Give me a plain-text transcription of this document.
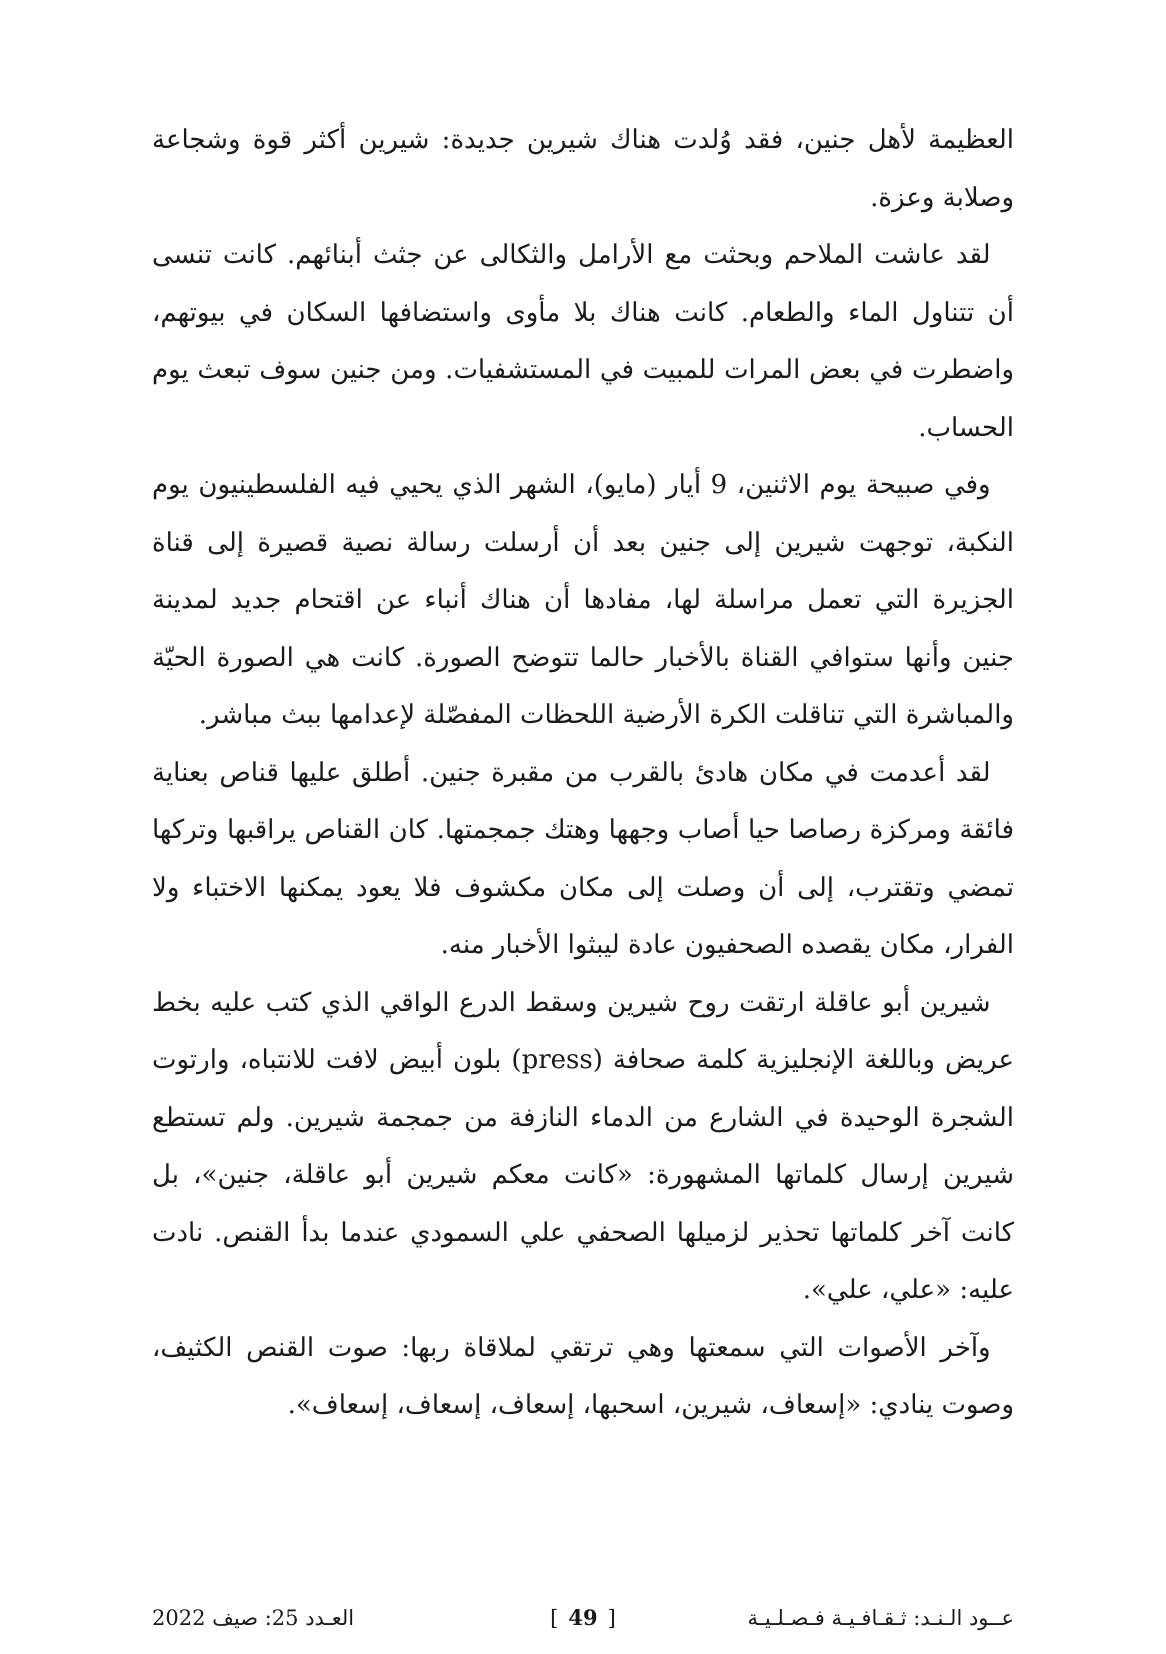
العظيمة لأهل جنين، فقد وُلدت هناك شيرين جديدة: شيرين أكثر قوة وشجاعة وصلابة وعزة.

لقد عاشت الملاحم وبحثت مع الأرامل والثكالى عن جثث أبنائهم. كانت تنسى أن تتناول الماء والطعام. كانت هناك بلا مأوى واستضافها السكان في بيوتهم، واضطرت في بعض المرات للمبيت في المستشفيات. ومن جنين سوف تبعث يوم الحساب.

وفي صبيحة يوم الاثنين، 9 أيار (مايو)، الشهر الذي يحيي فيه الفلسطينيون يوم النكبة، توجهت شيرين إلى جنين بعد أن أرسلت رسالة نصية قصيرة إلى قناة الجزيرة التي تعمل مراسلة لها، مفادها أن هناك أنباء عن اقتحام جديد لمدينة جنين وأنها ستوافي القناة بالأخبار حالما تتوضح الصورة. كانت هي الصورة الحيّة والمباشرة التي تناقلت الكرة الأرضية اللحظات المفصّلة لإعدامها ببث مباشر.

لقد أعدمت في مكان هادئ بالقرب من مقبرة جنين. أطلق عليها قناص بعناية فائقة ومركزة رصاصا حيا أصاب وجهها وهتك جمجمتها. كان القناص يراقبها وتركها تمضي وتقترب، إلى أن وصلت إلى مكان مكشوف فلا يعود يمكنها الاختباء ولا الفرار، مكان يقصده الصحفيون عادة ليبثوا الأخبار منه.

شيرين أبو عاقلة ارتقت روح شيرين وسقط الدرع الواقي الذي كتب عليه بخط عريض وباللغة الإنجليزية كلمة صحافة (press) بلون أبيض لافت للانتباه، وارتوت الشجرة الوحيدة في الشارع من الدماء النازفة من جمجمة شيرين. ولم تستطع شيرين إرسال كلماتها المشهورة: «كانت معكم شيرين أبو عاقلة، جنين»، بل كانت آخر كلماتها تحذير لزميلها الصحفي علي السمودي عندما بدأ القنص. نادت عليه: «علي، علي».

وآخر الأصوات التي سمعتها وهي ترتقي لملاقاة ربها: صوت القنص الكثيف، وصوت ينادي: «إسعاف، شيرين، اسحبها، إسعاف، إسعاف، إسعاف».

عــود الـنـد: ثـقـافـيـة فـصـلـيـة
[ 49 ]
العـدد 25: صيف 2022
